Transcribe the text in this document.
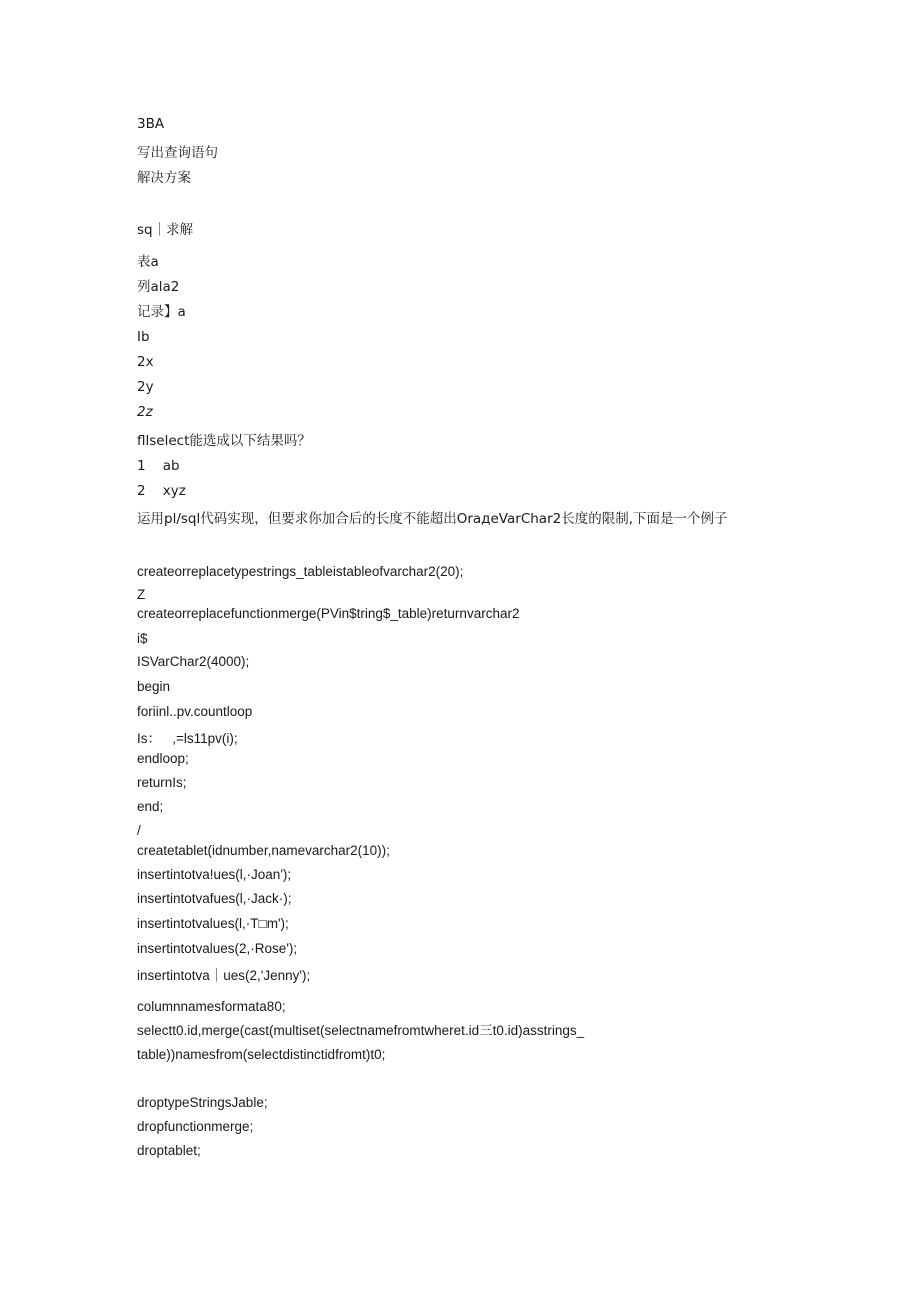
3BA
写出查询语句
解决方案
sq｜求解
表a
列ala2
记录】a
Ib
2x
2y
2z
fllselect能选成以下结果吗？
1    ab
2    xyz
运用pl/sql代码实现，但要求你加合后的长度不能超出OraдeVarChar2长度的限制,下面是一个例子
createorreplacetypestrings_tableistableofvarchar2(20);
Z
createorreplacefunctionmerge(PVin$tring$_table)returnvarchar2
i$
ISVarChar2(4000);
begin
foriinl..pv.countloop
Is：   ,=ls11pv(i);
endloop;
returnIs;
end;
/
createtablet(idnumber,namevarchar2(10));
insertintotva!ues(l,·Joan');
insertintotvafues(l,·Jack·);
insertintotvalues(l,·T□m');
insertintotvalues(2,·Rose');
insertintotva｜ues(2,'Jenny');
columnnamesformata80;
selectt0.id,merge(cast(multiset(selectnamefromtwheret.id三t0.id)asstrings_
table))namesfrom(selectdistinctidfromt)t0;
droptypeStringsJable;
dropfunctionmerge;
droptablet;
